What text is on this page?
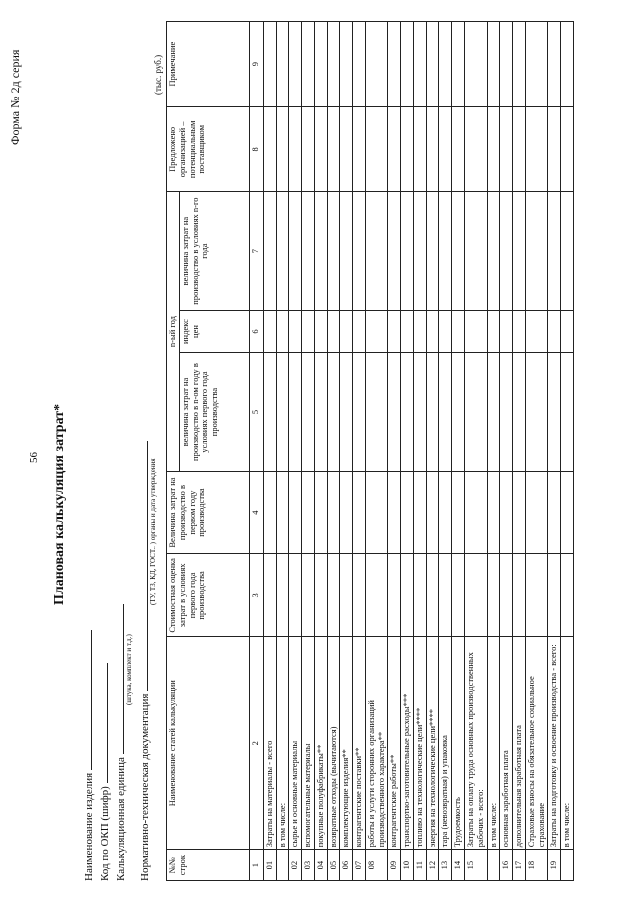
56
Форма № 2д серия
Плановая калькуляция затрат*
Наименование изделия Код по ОКП (шифр) Калькуляционная единица
(штука, комплект и т.д.)
Нормативно-техническая документация
(ТУ, ТЗ, КД, ГОСТ.. ) органы и дата утверждения
(тыс. руб.)
№№ строк	Наименование статей калькуляции	Стоимостная оценка затрат в условиях первого года производства	Величина затрат на производство в первом году производства	n-ый год			Предложено организацией – потенциальным поставщиком	Примечание
				величина затрат на производство в n-ом году в условиях первого года производства	индекс цен	величина затрат на производство в условиях n-го года		
1	2	3	4	5	6	7	8	9
01	Затраты на материалы - всего							
	в том числе:							
02	сырье и основные материалы							
03	вспомогательные материалы							
04	покупные полуфабрикаты**							
05	возвратные отходы (вычитаются)							
06	комплектующие изделия**							
07	контрагентские поставки**							
08	работы и услуги сторонних организаций производственного характера**							
09	контрагентские работы**							
10	транспортно-заготовительные расходы***							
11	топливо на технологические цели****							
12	энергия на технологические цели****							
13	тара (невозвратная) и упаковка							
14	Трудоемкость							
15	Затраты на оплату труда основных производственных рабочих - всего:							
	в том числе:							
16	основная заработная плата							
17	дополнительная заработная плата							
18	Страховые взносы на обязательное социальное страхование							
19	Затраты на подготовку и освоение производства - всего:							
	в том числе:							
